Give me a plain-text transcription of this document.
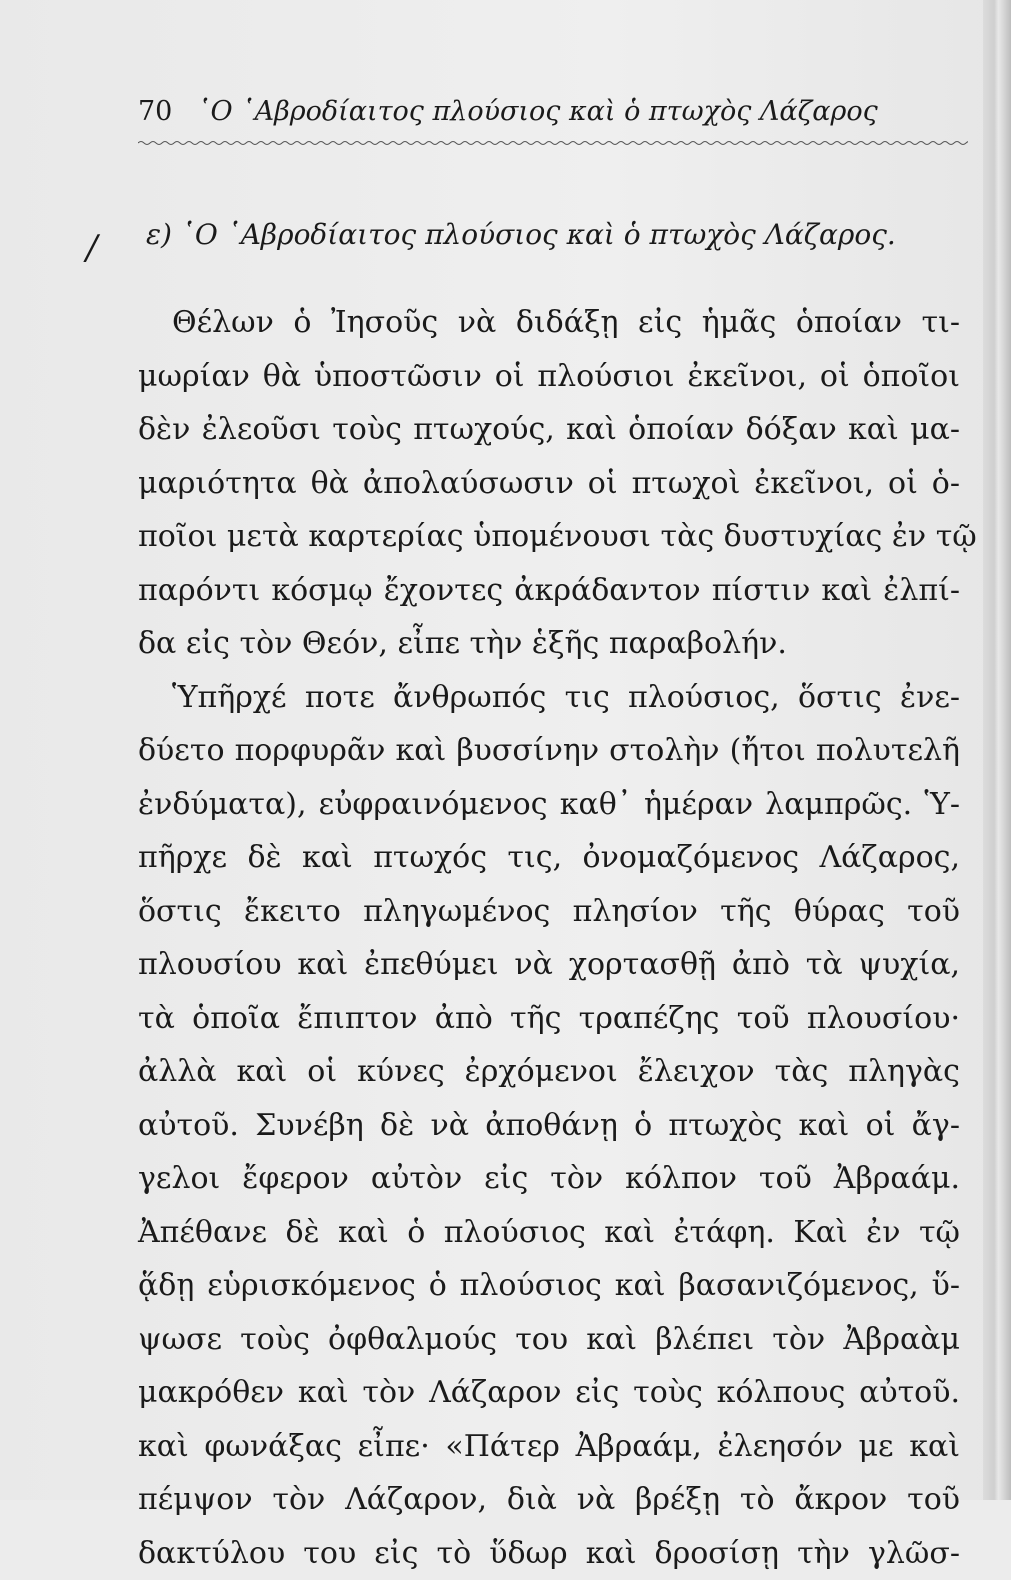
70 ῾Ο ῾Αβροδίαιτος πλούσιος καὶ ὁ πτωχὸς Λάζαρος
/ ε) ῾Ο ῾Αβροδίαιτος πλούσιος καὶ ὁ πτωχὸς Λάζαρος.
Θέλων ὁ Ἰησοῦς νὰ διδάξῃ εἰς ἡμᾶς ὁποίαν τι-
μωρίαν θὰ ὑποστῶσιν οἱ πλούσιοι ἐκεῖνοι, οἱ ὁποῖοι
δὲν ἐλεοῦσι τοὺς πτωχούς, καὶ ὁποίαν δόξαν καὶ μα-
μαριότητα θὰ ἀπολαύσωσιν οἱ πτωχοὶ ἐκεῖνοι, οἱ ὁ-
ποῖοι μετὰ καρτερίας ὑπομένουσι τὰς δυστυχίας ἐν τῷ
παρόντι κόσμῳ ἔχοντες ἀκράδαντον πίστιν καὶ ἐλπί-
δα εἰς τὸν Θεόν, εἶπε τὴν ἑξῆς παραβολήν.
Ὑπῆρχέ ποτε ἄνθρωπός τις πλούσιος, ὅστις ἐνε-
δύετο πορφυρᾶν καὶ βυσσίνην στολὴν (ἤτοι πολυτελῆ
ἐνδύματα), εὐφραινόμενος καθ᾽ ἡμέραν λαμπρῶς. Ὑ-
πῆρχε δὲ καὶ πτωχός τις, ὀνομαζόμενος Λάζαρος,
ὅστις ἔκειτο πληγωμένος πλησίον τῆς θύρας τοῦ
πλουσίου καὶ ἐπεθύμει νὰ χορτασθῇ ἀπὸ τὰ ψυχία,
τὰ ὁποῖα ἔπιπτον ἀπὸ τῆς τραπέζης τοῦ πλουσίου·
ἀλλὰ καὶ οἱ κύνες ἐρχόμενοι ἔλειχον τὰς πληγὰς
αὐτοῦ. Συνέβη δὲ νὰ ἀποθάνῃ ὁ πτωχὸς καὶ οἱ ἄγ-
γελοι ἔφερον αὐτὸν εἰς τὸν κόλπον τοῦ Ἀβραάμ.
Ἀπέθανε δὲ καὶ ὁ πλούσιος καὶ ἐτάφη. Καὶ ἐν τῷ
ᾅδῃ εὑρισκόμενος ὁ πλούσιος καὶ βασανιζόμενος, ὕ-
ψωσε τοὺς ὀφθαλμούς του καὶ βλέπει τὸν Ἀβραὰμ
μακρόθεν καὶ τὸν Λάζαρον εἰς τοὺς κόλπους αὐτοῦ.
καὶ φωνάξας εἶπε· «Πάτερ Ἀβραάμ, ἐλεησόν με καὶ
πέμψον τὸν Λάζαρον, διὰ νὰ βρέξῃ τὸ ἄκρον τοῦ
δακτύλου του εἰς τὸ ὕδωρ καὶ δροσίσῃ τὴν γλῶσ-
